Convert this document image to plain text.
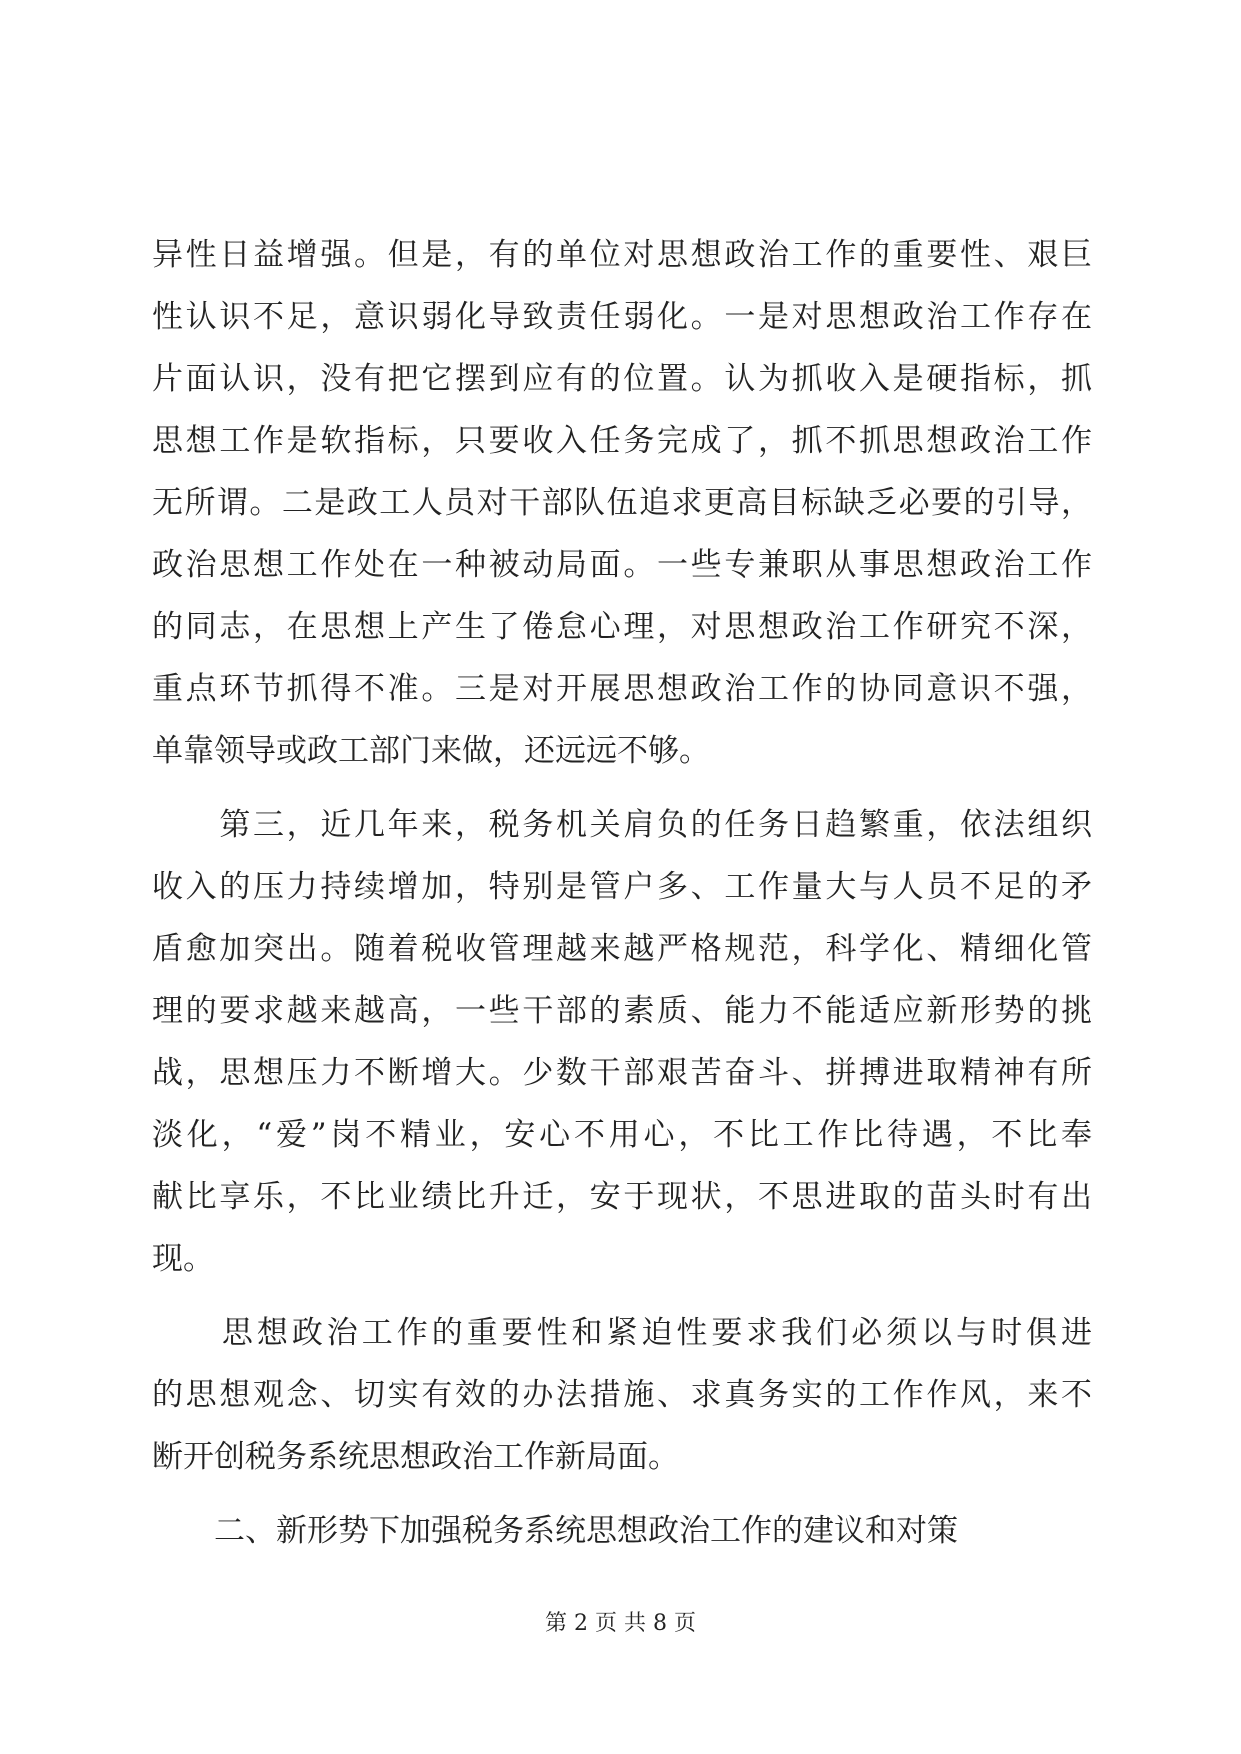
异性日益增强。但是，有的单位对思想政治工作的重要性、艰巨
性认识不足，意识弱化导致责任弱化。一是对思想政治工作存在
片面认识，没有把它摆到应有的位置。认为抓收入是硬指标，抓
思想工作是软指标，只要收入任务完成了，抓不抓思想政治工作
无所谓。二是政工人员对干部队伍追求更高目标缺乏必要的引导，
政治思想工作处在一种被动局面。一些专兼职从事思想政治工作
的同志，在思想上产生了倦怠心理，对思想政治工作研究不深，
重点环节抓得不准。三是对开展思想政治工作的协同意识不强，
单靠领导或政工部门来做，还远远不够。
　　第三，近几年来，税务机关肩负的任务日趋繁重，依法组织
收入的压力持续增加，特别是管户多、工作量大与人员不足的矛
盾愈加突出。随着税收管理越来越严格规范，科学化、精细化管
理的要求越来越高，一些干部的素质、能力不能适应新形势的挑
战，思想压力不断增大。少数干部艰苦奋斗、拼搏进取精神有所
淡化，“爱”岗不精业，安心不用心，不比工作比待遇，不比奉
献比享乐，不比业绩比升迁，安于现状，不思进取的苗头时有出
现。
　　思想政治工作的重要性和紧迫性要求我们必须以与时俱进
的思想观念、切实有效的办法措施、求真务实的工作作风，来不
断开创税务系统思想政治工作新局面。
　　二、新形势下加强税务系统思想政治工作的建议和对策
第 2 页 共 8 页
